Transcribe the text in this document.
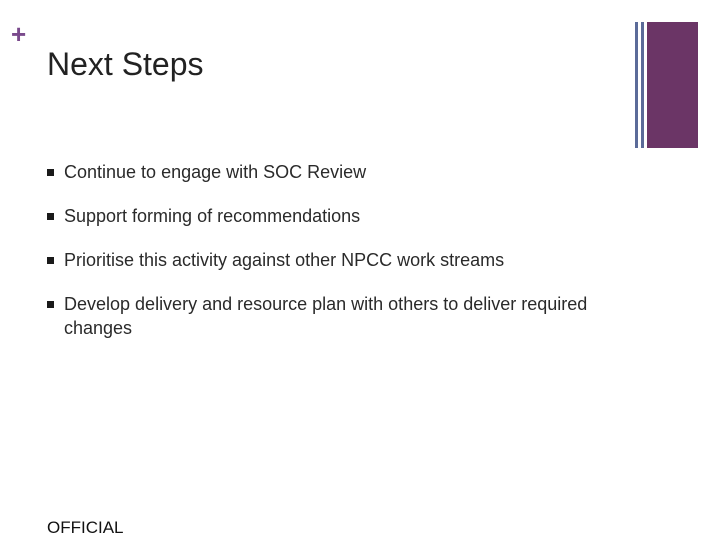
+
Next Steps
Continue to engage with SOC Review
Support forming of recommendations
Prioritise this activity against other NPCC work streams
Develop delivery and resource plan with others to deliver required changes
OFFICIAL
